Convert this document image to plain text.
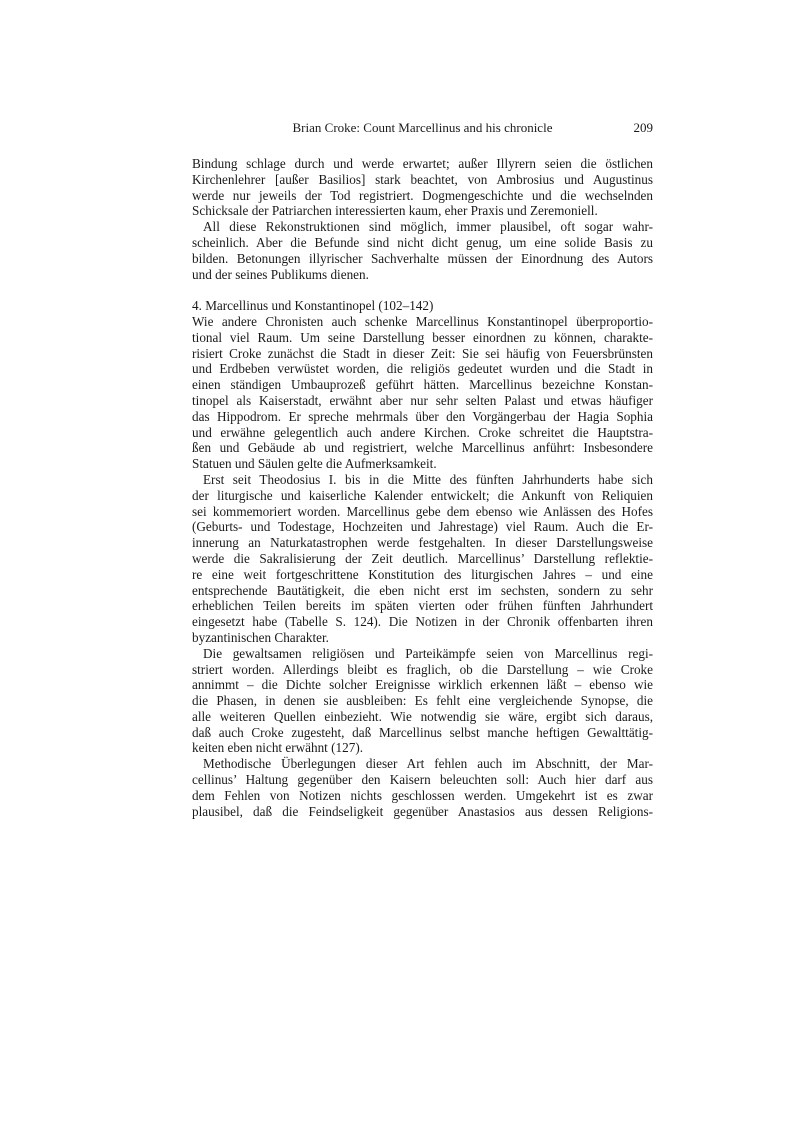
Brian Croke: Count Marcellinus and his chronicle	209
Bindung schlage durch und werde erwartet; außer Illyrern seien die östlichen
Kirchenlehrer [außer Basilios] stark beachtet, von Ambrosius und Augustinus
werde nur jeweils der Tod registriert. Dogmengeschichte und die wechselnden
Schicksale der Patriarchen interessierten kaum, eher Praxis und Zeremoniell.
All diese Rekonstruktionen sind möglich, immer plausibel, oft sogar wahr-
scheinlich. Aber die Befunde sind nicht dicht genug, um eine solide Basis zu
bilden. Betonungen illyrischer Sachverhalte müssen der Einordnung des Autors
und der seines Publikums dienen.
4. Marcellinus und Konstantinopel (102–142)
Wie andere Chronisten auch schenke Marcellinus Konstantinopel überproportio-
tional viel Raum. Um seine Darstellung besser einordnen zu können, charakte-
risiert Croke zunächst die Stadt in dieser Zeit: Sie sei häufig von Feuersbrünsten
und Erdbeben verwüstet worden, die religiös gedeutet wurden und die Stadt in
einen ständigen Umbauprozeß geführt hätten. Marcellinus bezeichne Konstan-
tinopel als Kaiserstadt, erwähnt aber nur sehr selten Palast und etwas häufiger
das Hippodrom. Er spreche mehrmals über den Vorgängerbau der Hagia Sophia
und erwähne gelegentlich auch andere Kirchen. Croke schreitet die Hauptstra-
ßen und Gebäude ab und registriert, welche Marcellinus anführt: Insbesondere
Statuen und Säulen gelte die Aufmerksamkeit.
Erst seit Theodosius I. bis in die Mitte des fünften Jahrhunderts habe sich
der liturgische und kaiserliche Kalender entwickelt; die Ankunft von Reliquien
sei kommemoriert worden. Marcellinus gebe dem ebenso wie Anlässen des Hofes
(Geburts- und Todestage, Hochzeiten und Jahrestage) viel Raum. Auch die Er-
innerung an Naturkatastrophen werde festgehalten. In dieser Darstellungsweise
werde die Sakralisierung der Zeit deutlich. Marcellinus’ Darstellung reflektie-
re eine weit fortgeschrittene Konstitution des liturgischen Jahres – und eine
entsprechende Bautätigkeit, die eben nicht erst im sechsten, sondern zu sehr
erheblichen Teilen bereits im späten vierten oder frühen fünften Jahrhundert
eingesetzt habe (Tabelle S. 124). Die Notizen in der Chronik offenbarten ihren
byzantinischen Charakter.
Die gewaltsamen religiösen und Parteikämpfe seien von Marcellinus regi-
striert worden. Allerdings bleibt es fraglich, ob die Darstellung – wie Croke
annimmt – die Dichte solcher Ereignisse wirklich erkennen läßt – ebenso wie
die Phasen, in denen sie ausbleiben: Es fehlt eine vergleichende Synopse, die
alle weiteren Quellen einbezieht. Wie notwendig sie wäre, ergibt sich daraus,
daß auch Croke zugesteht, daß Marcellinus selbst manche heftigen Gewalttätig-
keiten eben nicht erwähnt (127).
Methodische Überlegungen dieser Art fehlen auch im Abschnitt, der Mar-
cellinus’ Haltung gegenüber den Kaisern beleuchten soll: Auch hier darf aus
dem Fehlen von Notizen nichts geschlossen werden. Umgekehrt ist es zwar
plausibel, daß die Feindseligkeit gegenüber Anastasios aus dessen Religions-
